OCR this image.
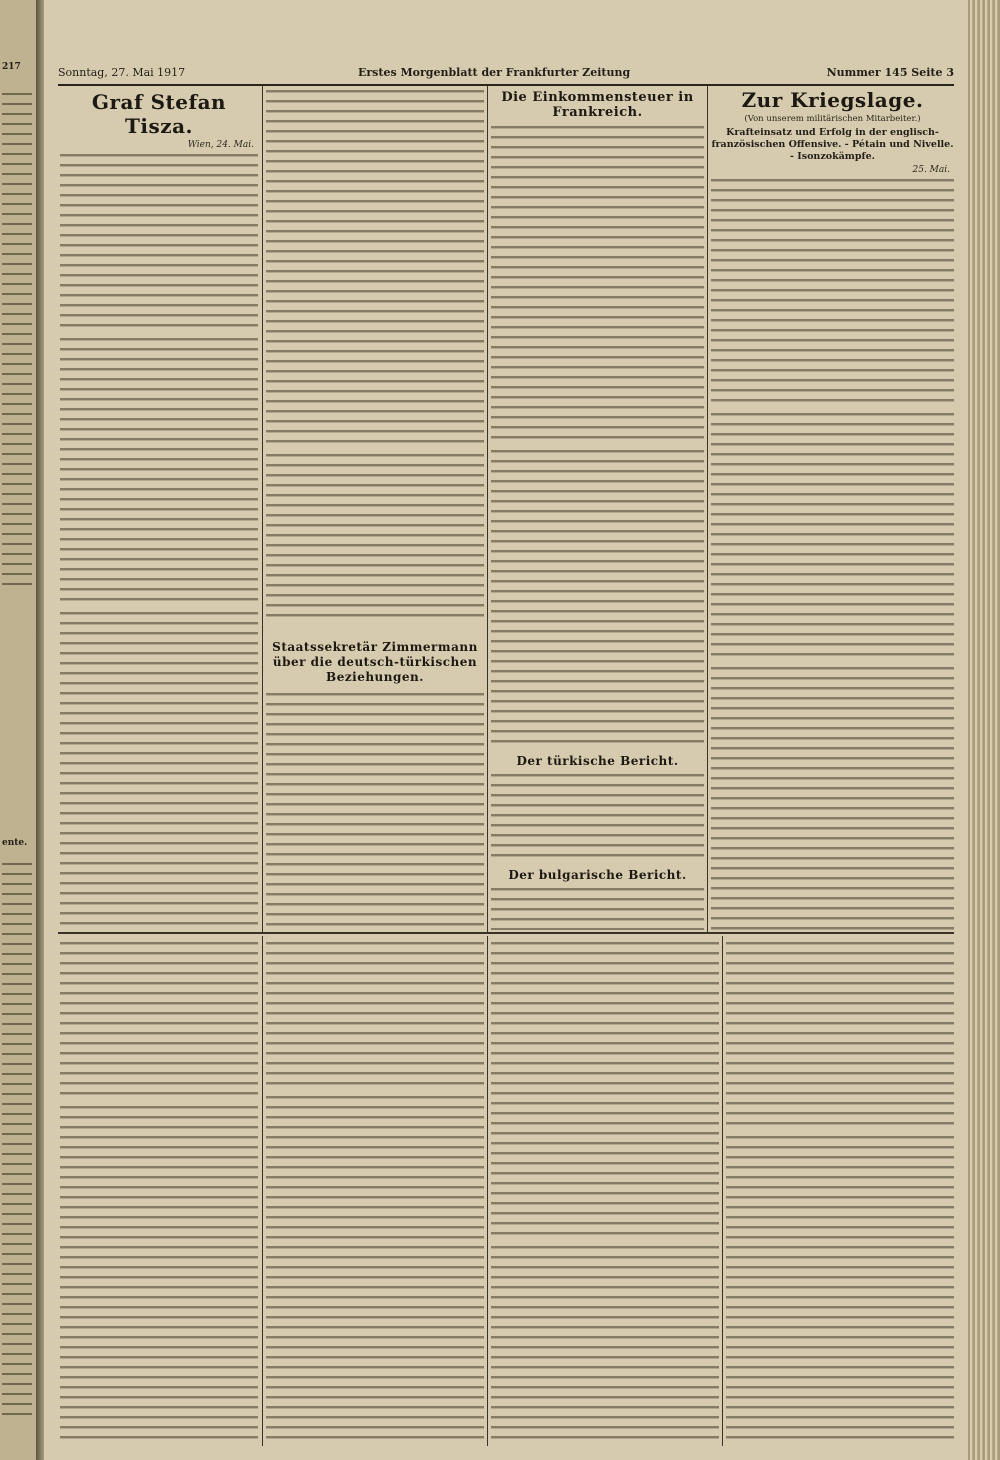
217
ente.
Sonntag, 27. Mai 1917	Erstes Morgenblatt der Frankfurter Zeitung	Nummer 145 Seite 3
Graf Stefan Tisza.
Wien, 24. Mai.
Staatssekretär Zimmermann über die deutsch-türkischen Beziehungen.
Die Einkommensteuer in Frankreich.
Der türkische Bericht.
Der bulgarische Bericht.
Zur Kriegslage.
(Von unserem militärischen Mitarbeiter.)
Krafteinsatz und Erfolg in der englisch-französischen Offensive. - Pétain und Nivelle. - Isonzokämpfe.
25. Mai.
